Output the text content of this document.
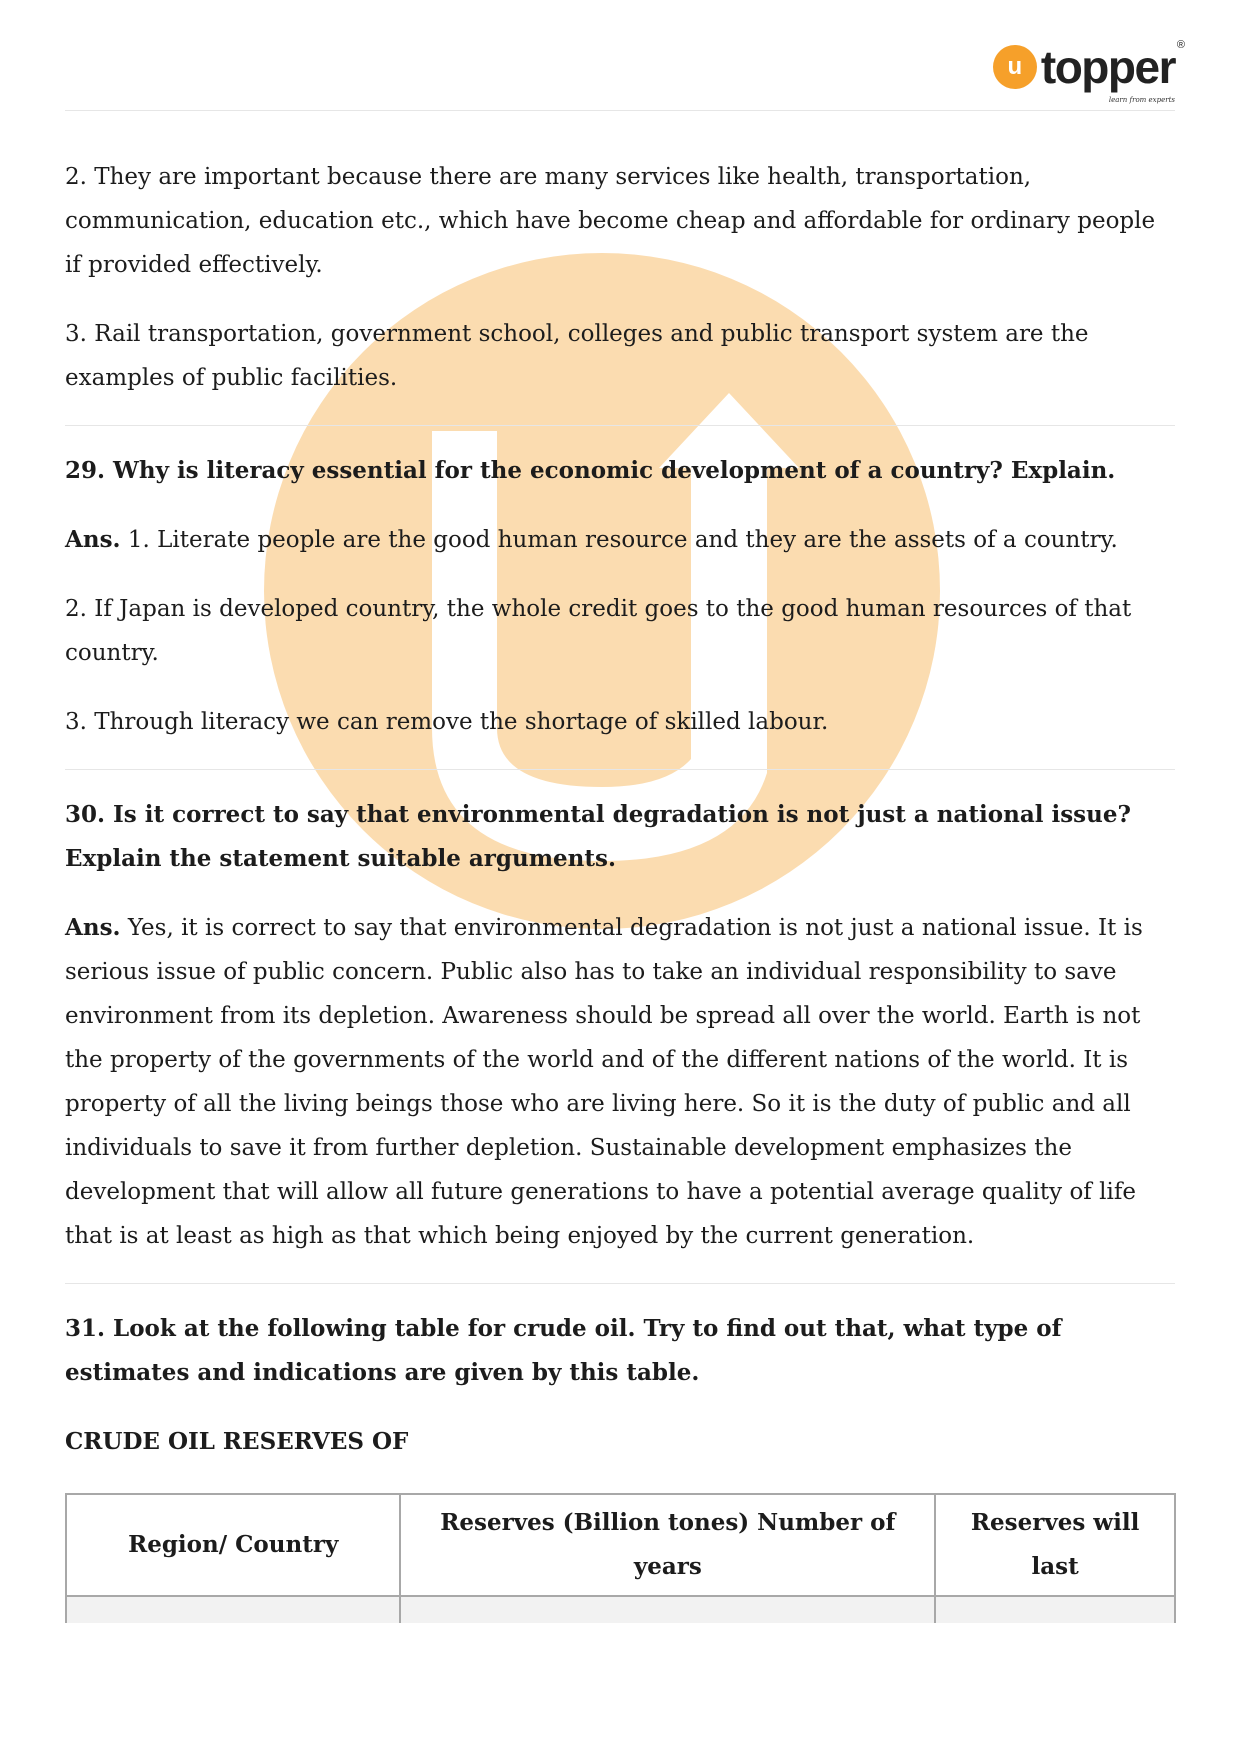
u topper ®
learn from experts

2. They are important because there are many services like health, transportation, communication, education etc., which have become cheap and affordable for ordinary people if provided effectively.

3. Rail transportation, government school, colleges and public transport system are the examples of public facilities.

29. Why is literacy essential for the economic development of a country? Explain.

Ans. 1. Literate people are the good human resource and they are the assets of a country.

2. If Japan is developed country, the whole credit goes to the good human resources of that country.

3. Through literacy we can remove the shortage of skilled labour.

30. Is it correct to say that environmental degradation is not just a national issue? Explain the statement suitable arguments.

Ans. Yes, it is correct to say that environmental degradation is not just a national issue. It is serious issue of public concern. Public also has to take an individual responsibility to save environment from its depletion. Awareness should be spread all over the world. Earth is not the property of the governments of the world and of the different nations of the world. It is property of all the living beings those who are living here. So it is the duty of public and all individuals to save it from further depletion. Sustainable development emphasizes the development that will allow all future generations to have a potential average quality of life that is at least as high as that which being enjoyed by the current generation.

31. Look at the following table for crude oil. Try to find out that, what type of estimates and indications are given by this table.

CRUDE OIL RESERVES OF

Region/ Country	Reserves (Billion tones) Number of years	Reserves will last
